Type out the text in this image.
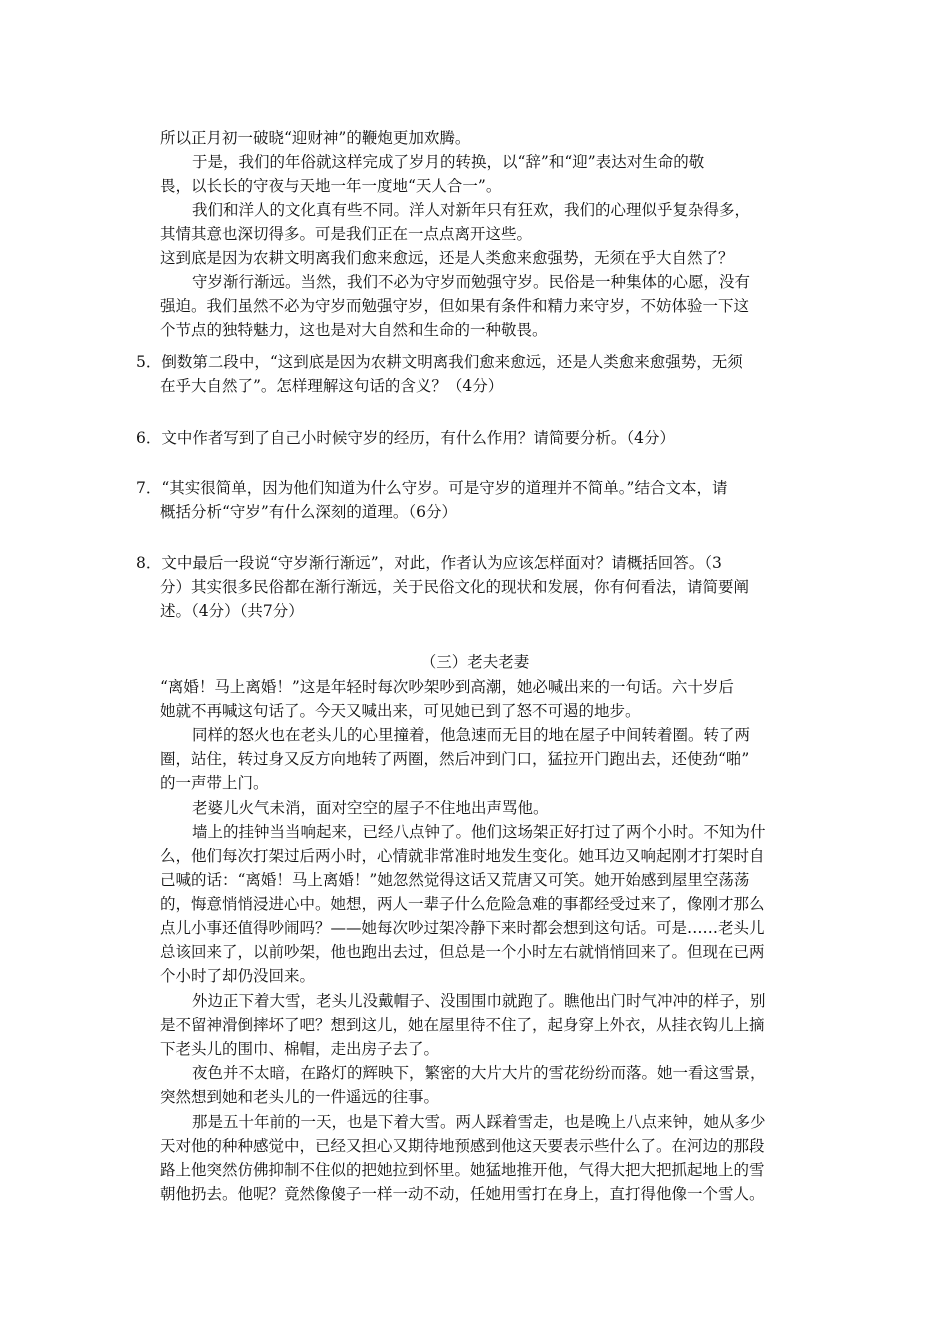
所以正月初一破晓“迎财神”的鞭炮更加欢腾。
于是，我们的年俗就这样完成了岁月的转换，以“辞”和“迎”表达对生命的敬
畏，以长长的守夜与天地一年一度地“天人合一”。
我们和洋人的文化真有些不同。洋人对新年只有狂欢，我们的心理似乎复杂得多，
其情其意也深切得多。可是我们正在一点点离开这些。
这到底是因为农耕文明离我们愈来愈远，还是人类愈来愈强势，无须在乎大自然了？
守岁渐行渐远。当然，我们不必为守岁而勉强守岁。民俗是一种集体的心愿，没有
强迫。我们虽然不必为守岁而勉强守岁，但如果有条件和精力来守岁，不妨体验一下这
个节点的独特魅力，这也是对大自然和生命的一种敬畏。
5．倒数第二段中，“这到底是因为农耕文明离我们愈来愈远，还是人类愈来愈强势，无须
在乎大自然了”。怎样理解这句话的含义？（4分）
6．文中作者写到了自己小时候守岁的经历，有什么作用？请简要分析。（4分）
7．“其实很简单，因为他们知道为什么守岁。可是守岁的道理并不简单。”结合文本，请
概括分析“守岁”有什么深刻的道理。（6分）
8．文中最后一段说“守岁渐行渐远”，对此，作者认为应该怎样面对？请概括回答。（3
分）其实很多民俗都在渐行渐远，关于民俗文化的现状和发展，你有何看法，请简要阐
述。（4分）（共7分）
（三）老夫老妻
“离婚！马上离婚！”这是年轻时每次吵架吵到高潮，她必喊出来的一句话。六十岁后
她就不再喊这句话了。今天又喊出来，可见她已到了怒不可遏的地步。
同样的怒火也在老头儿的心里撞着，他急速而无目的地在屋子中间转着圈。转了两
圈，站住，转过身又反方向地转了两圈，然后冲到门口，猛拉开门跑出去，还使劲“啪”
的一声带上门。
老婆儿火气未消，面对空空的屋子不住地出声骂他。
墙上的挂钟当当响起来，已经八点钟了。他们这场架正好打过了两个小时。不知为什
么，他们每次打架过后两小时，心情就非常准时地发生变化。她耳边又响起刚才打架时自
己喊的话：“离婚！马上离婚！”她忽然觉得这话又荒唐又可笑。她开始感到屋里空荡荡
的，悔意悄悄浸进心中。她想，两人一辈子什么危险急难的事都经受过来了，像刚才那么
点儿小事还值得吵闹吗？——她每次吵过架冷静下来时都会想到这句话。可是……老头儿
总该回来了，以前吵架，他也跑出去过，但总是一个小时左右就悄悄回来了。但现在已两
个小时了却仍没回来。
外边正下着大雪，老头儿没戴帽子、没围围巾就跑了。瞧他出门时气冲冲的样子，别
是不留神滑倒摔坏了吧？想到这儿，她在屋里待不住了，起身穿上外衣，从挂衣钩儿上摘
下老头儿的围巾、棉帽，走出房子去了。
夜色并不太暗，在路灯的辉映下，繁密的大片大片的雪花纷纷而落。她一看这雪景，
突然想到她和老头儿的一件遥远的往事。
那是五十年前的一天，也是下着大雪。两人踩着雪走，也是晚上八点来钟，她从多少
天对他的种种感觉中，已经又担心又期待地预感到他这天要表示些什么了。在河边的那段
路上他突然仿佛抑制不住似的把她拉到怀里。她猛地推开他，气得大把大把抓起地上的雪
朝他扔去。他呢？竟然像傻子一样一动不动，任她用雪打在身上，直打得他像一个雪人。
